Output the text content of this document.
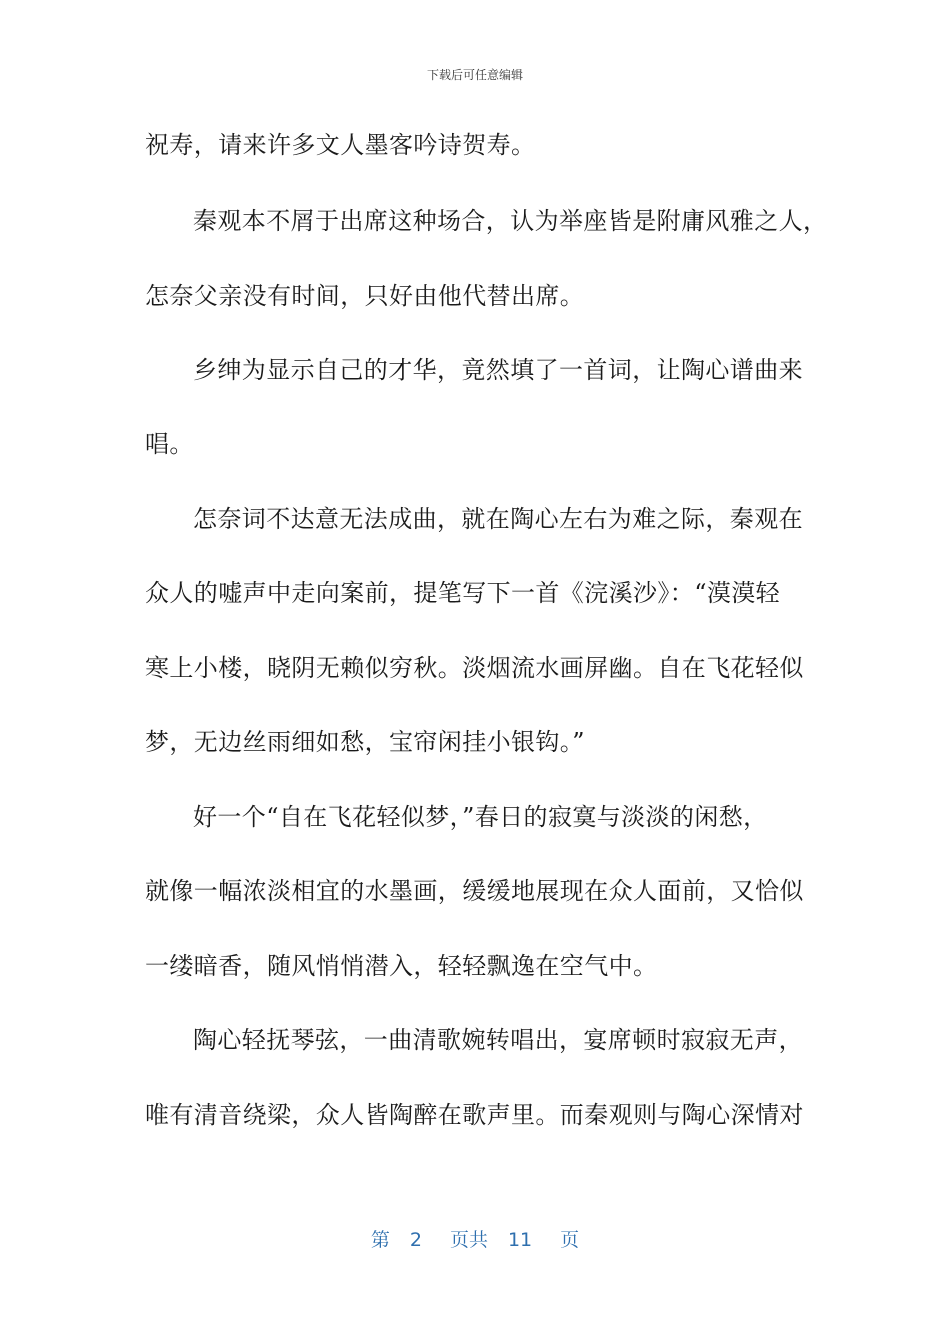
下载后可任意编辑
祝寿，请来许多文人墨客吟诗贺寿。
秦观本不屑于出席这种场合，认为举座皆是附庸风雅之人，
怎奈父亲没有时间，只好由他代替出席。
乡绅为显示自己的才华，竟然填了一首词，让陶心谱曲来
唱。
怎奈词不达意无法成曲，就在陶心左右为难之际，秦观在
众人的嘘声中走向案前，提笔写下一首《浣溪沙》：“漠漠轻
寒上小楼，晓阴无赖似穷秋。淡烟流水画屏幽。自在飞花轻似
梦，无边丝雨细如愁，宝帘闲挂小银钩。”
好一个“自在飞花轻似梦，”春日的寂寞与淡淡的闲愁，
就像一幅浓淡相宜的水墨画，缓缓地展现在众人面前，又恰似
一缕暗香，随风悄悄潜入，轻轻飘逸在空气中。
陶心轻抚琴弦，一曲清歌婉转唱出，宴席顿时寂寂无声，
唯有清音绕梁，众人皆陶醉在歌声里。而秦观则与陶心深情对
第 2 页共 11 页
